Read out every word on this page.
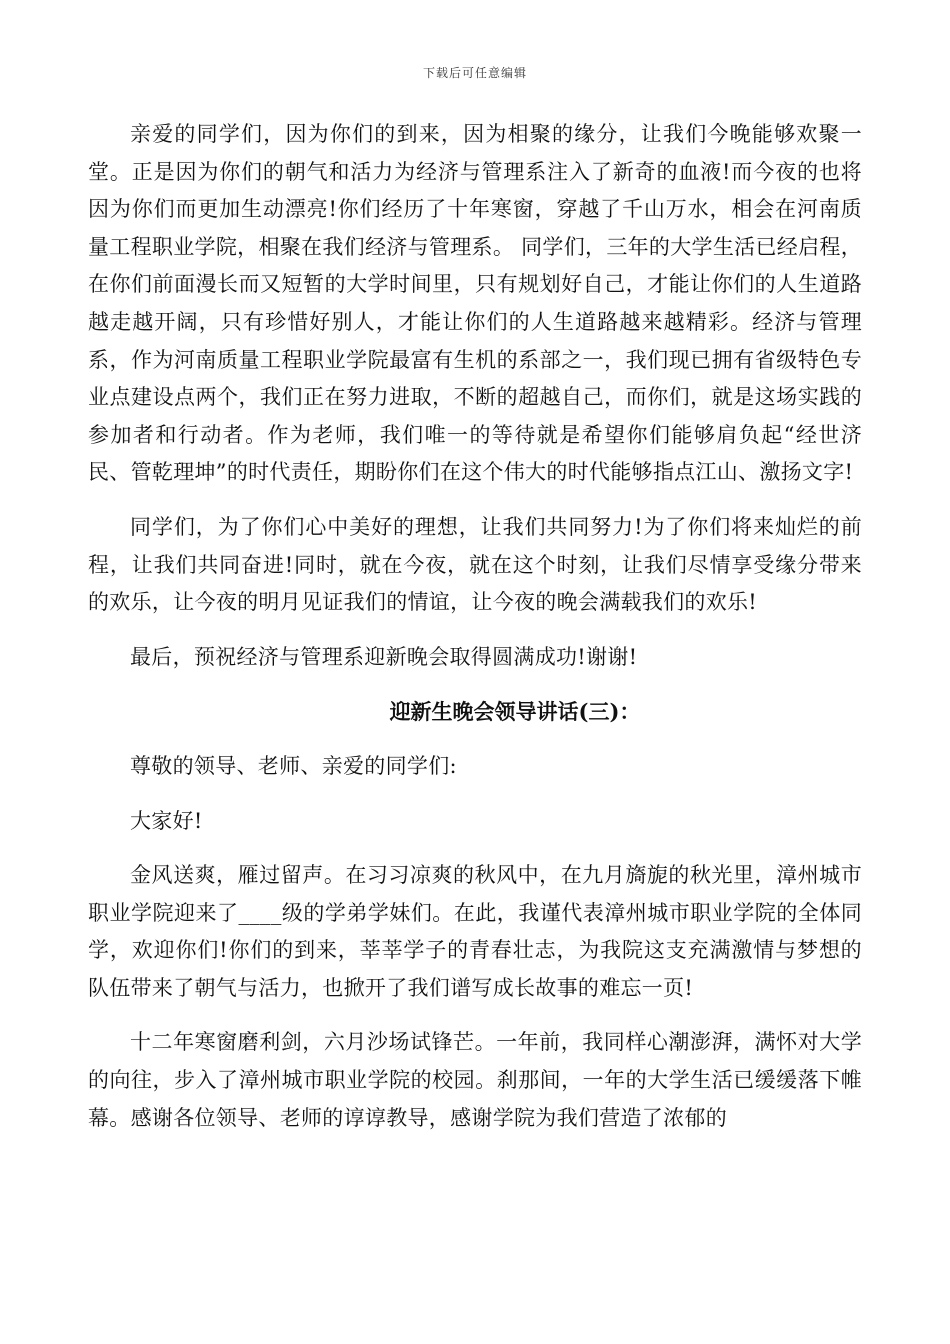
下载后可任意编辑

亲爱的同学们，因为你们的到来，因为相聚的缘分，让我们今晚能够欢聚一堂。正是因为你们的朝气和活力为经济与管理系注入了新奇的血液!而今夜的也将因为你们而更加生动漂亮!你们经历了十年寒窗，穿越了千山万水，相会在河南质量工程职业学院，相聚在我们经济与管理系。 同学们，三年的大学生活已经启程，在你们前面漫长而又短暂的大学时间里，只有规划好自己，才能让你们的人生道路越走越开阔，只有珍惜好别人，才能让你们的人生道路越来越精彩。经济与管理系，作为河南质量工程职业学院最富有生机的系部之一，我们现已拥有省级特色专业点建设点两个，我们正在努力进取，不断的超越自己，而你们，就是这场实践的参加者和行动者。作为老师，我们唯一的等待就是希望你们能够肩负起“经世济民、管乾理坤”的时代责任，期盼你们在这个伟大的时代能够指点江山、激扬文字!

同学们，为了你们心中美好的理想，让我们共同努力!为了你们将来灿烂的前程，让我们共同奋进!同时，就在今夜，就在这个时刻，让我们尽情享受缘分带来的欢乐，让今夜的明月见证我们的情谊，让今夜的晚会满载我们的欢乐!

最后，预祝经济与管理系迎新晚会取得圆满成功!谢谢!

迎新生晚会领导讲话(三)：

尊敬的领导、老师、亲爱的同学们:

大家好!

金风送爽，雁过留声。在习习凉爽的秋风中，在九月旖旎的秋光里，漳州城市职业学院迎来了____级的学弟学妹们。在此，我谨代表漳州城市职业学院的全体同学，欢迎你们!你们的到来，莘莘学子的青春壮志，为我院这支充满激情与梦想的队伍带来了朝气与活力，也掀开了我们谱写成长故事的难忘一页!

十二年寒窗磨利剑，六月沙场试锋芒。一年前，我同样心潮澎湃，满怀对大学的向往，步入了漳州城市职业学院的校园。刹那间，一年的大学生活已缓缓落下帷幕。感谢各位领导、老师的谆谆教导，感谢学院为我们营造了浓郁的
